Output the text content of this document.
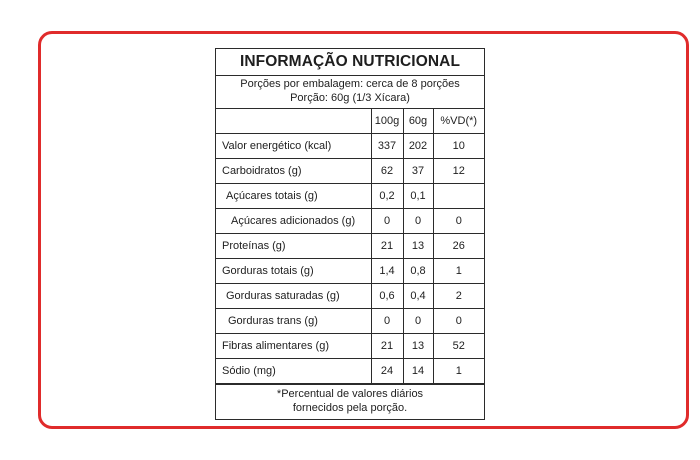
INFORMAÇÃO NUTRICIONAL
Porções por embalagem: cerca de 8 porções
Porção: 60g (1/3 Xícara)
	100g	60g	%VD(*)
Valor energético (kcal)	337	202	10
Carboidratos (g)	62	37	12
Açúcares totais (g)	0,2	0,1	
Açúcares adicionados (g)	0	0	0
Proteínas (g)	21	13	26
Gorduras totais (g)	1,4	0,8	1
Gorduras saturadas (g)	0,6	0,4	2
Gorduras trans (g)	0	0	0
Fibras alimentares (g)	21	13	52
Sódio (mg)	24	14	1
*Percentual de valores diários
fornecidos pela porção.
